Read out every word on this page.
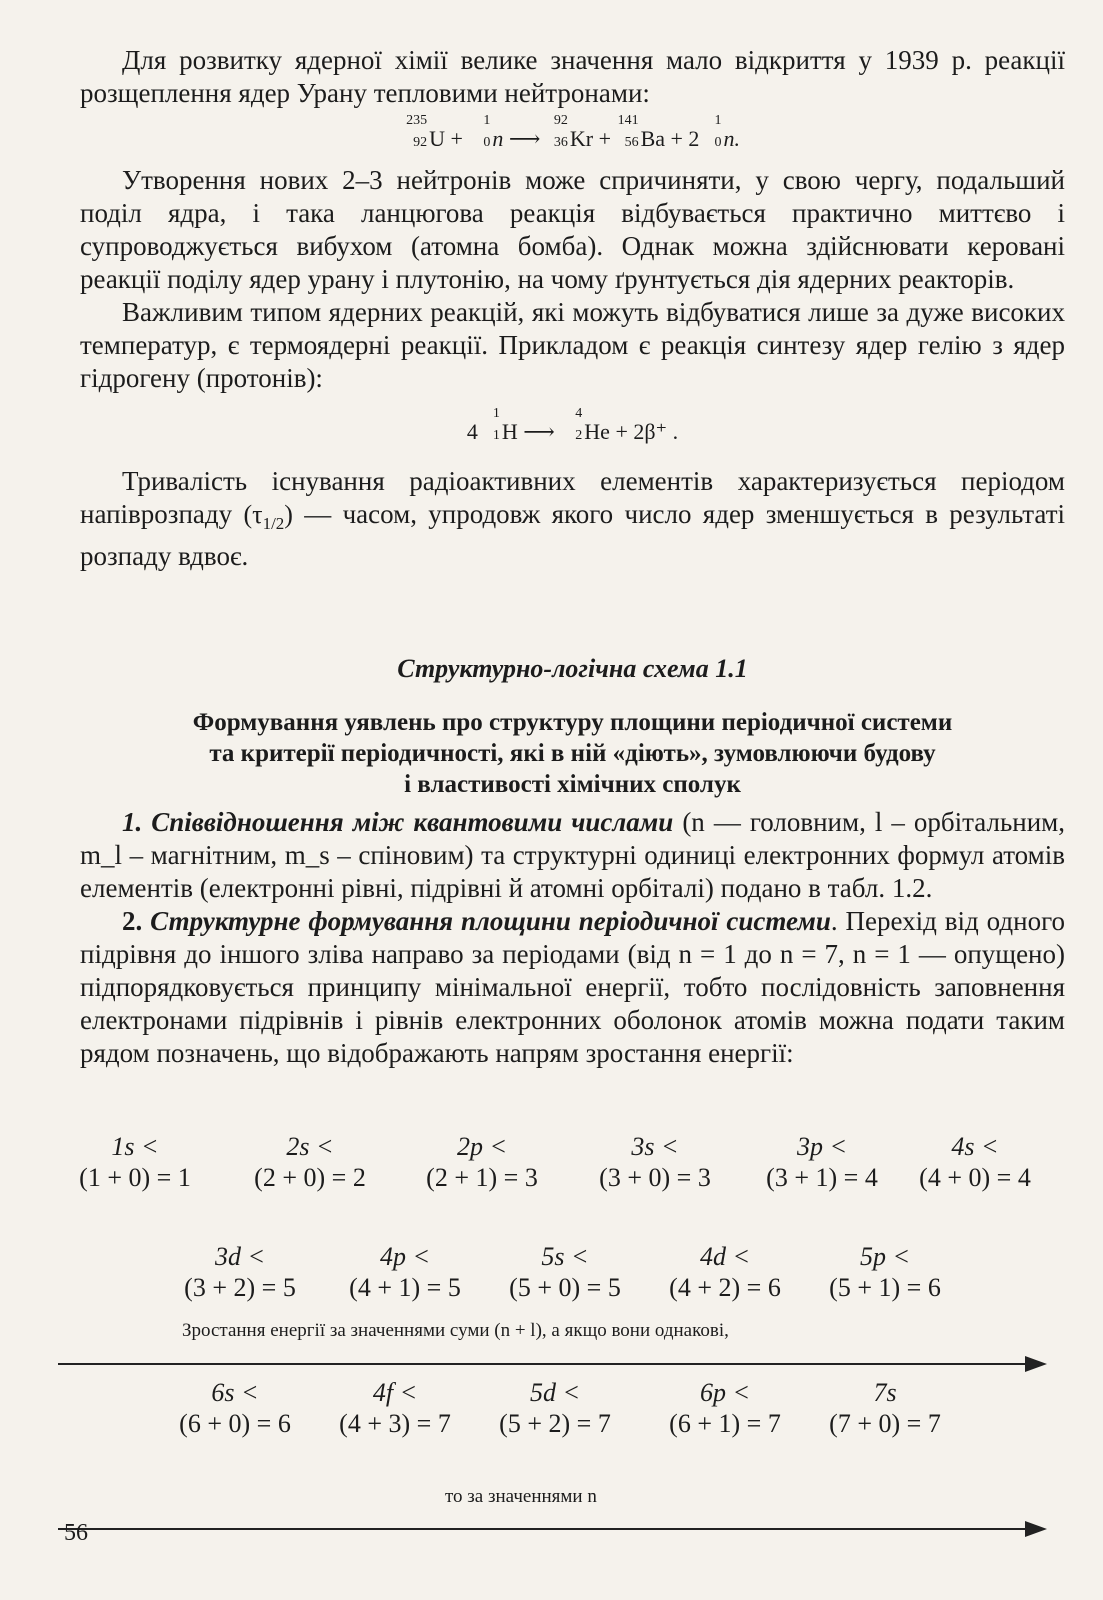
Для розвитку ядерної хімії велике значення мало відкриття у 1939 р. реакції розщеплення ядер Урану тепловими нейтронами:

235
92 U +
1
0 n ⟶
92
36 Kr +
141
56 Ba + 2
1
0 n.

Утворення нових 2–3 нейтронів може спричиняти, у свою чергу, подальший поділ ядра, і така ланцюгова реакція відбувається практично миттєво і супроводжується вибухом (атомна бомба). Однак можна здійснювати керовані реакції поділу ядер урану і плутонію, на чому ґрунтується дія ядерних реакторів.

Важливим типом ядерних реакцій, які можуть відбуватися лише за дуже високих температур, є термоядерні реакції. Прикладом є реакція синтезу ядер гелію з ядер гідрогену (протонів):

4
1
1 H ⟶
4
2 He + 2β⁺ .

Тривалість існування радіоактивних елементів характеризується періодом напіврозпаду $(\tau_{1/2})$ — часом, упродовж якого число ядер зменшується в результаті розпаду вдвоє.

Структурно-логічна схема 1.1

Формування уявлень про структуру площини періодичної системи
та критерії періодичності, які в ній «діють», зумовлюючи будову
і властивості хімічних сполук

1. Співвідношення між квантовими числами (n — головним, l – орбітальним, m_l – магнітним, m_s – спіновим) та структурні одиниці електронних формул атомів елементів (електронні рівні, підрівні й атомні орбіталі) подано в табл. 1.2.

2. Структурне формування площини періодичної системи. Перехід від одного підрівня до іншого зліва направо за періодами (від n = 1 до n = 7, n = 1 — опущено) підпорядковується принципу мінімальної енергії, тобто послідовність заповнення електронами підрівнів і рівнів електронних оболонок атомів можна подати таким рядом позначень, що відображають напрям зростання енергії:

1s <
(1 + 0) = 1
2s <
(2 + 0) = 2
2p <
(2 + 1) = 3
3s <
(3 + 0) = 3
3p <
(3 + 1) = 4
4s <
(4 + 0) = 4
3d <
(3 + 2) = 5
4p <
(4 + 1) = 5
5s <
(5 + 0) = 5
4d <
(4 + 2) = 6
5p <
(5 + 1) = 6
Зростання енергії за значеннями суми (n + l), а якщо вони однакові,
6s <
(6 + 0) = 6
4f <
(4 + 3) = 7
5d <
(5 + 2) = 7
6p <
(6 + 1) = 7
7s
(7 + 0) = 7
то за значеннями n
56
